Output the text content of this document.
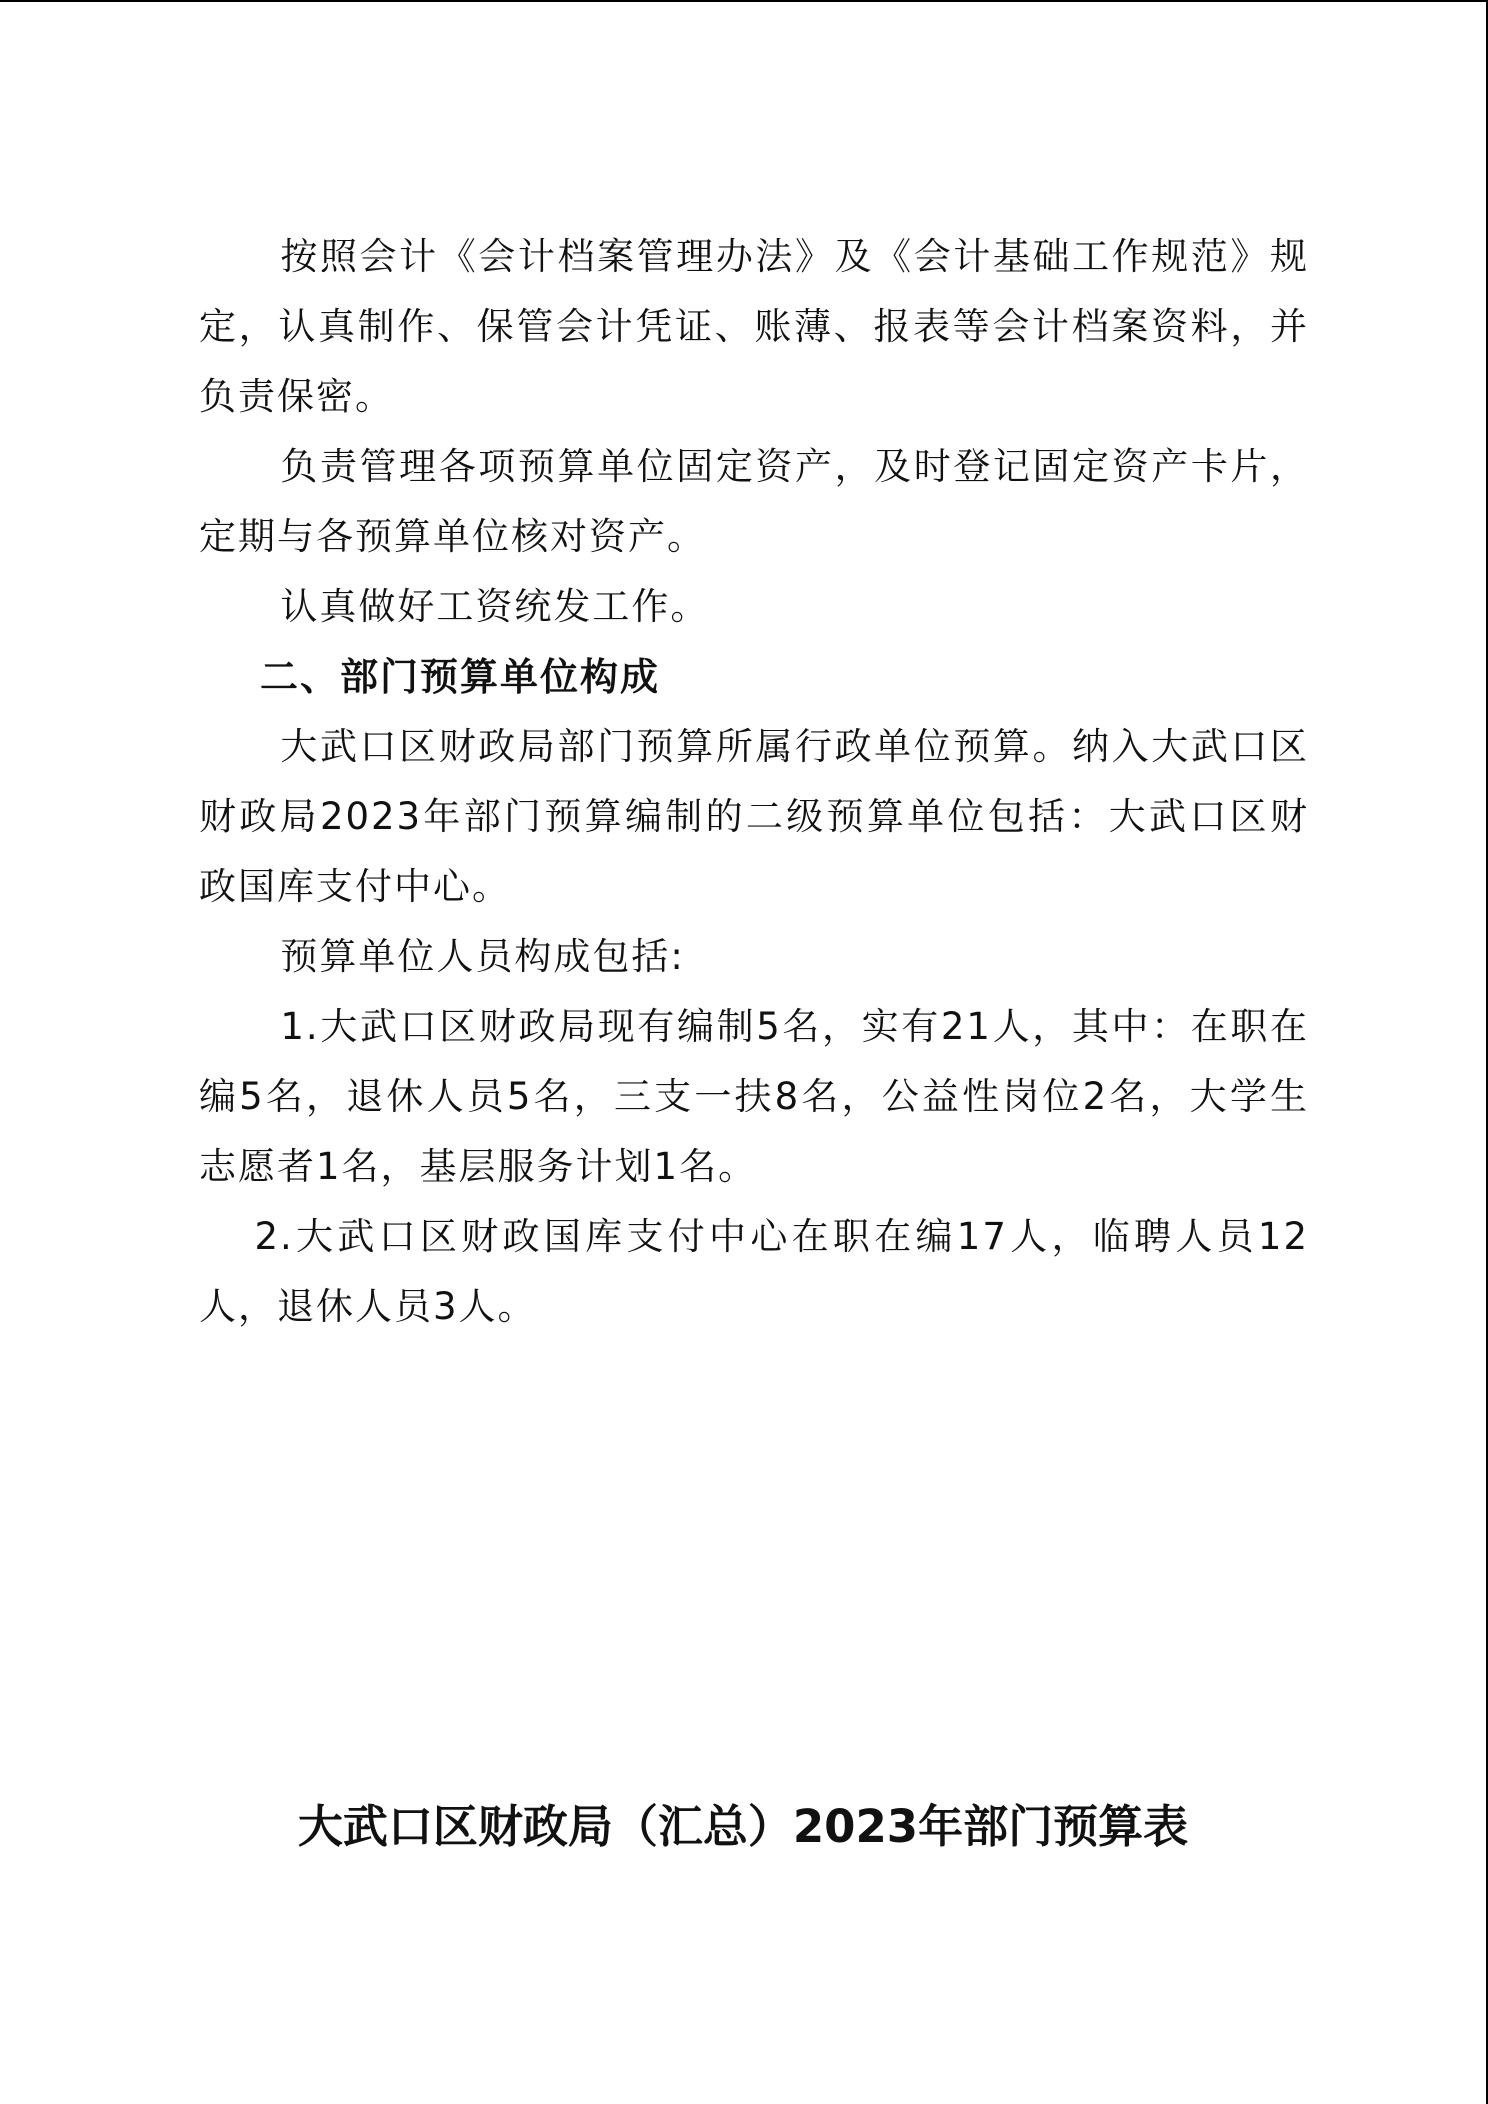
按照会计《会计档案管理办法》及《会计基础工作规范》规定，认真制作、保管会计凭证、账薄、报表等会计档案资料，并负责保密。

负责管理各项预算单位固定资产，及时登记固定资产卡片，定期与各预算单位核对资产。

认真做好工资统发工作。

二、部门预算单位构成

大武口区财政局部门预算所属行政单位预算。纳入大武口区财政局2023年部门预算编制的二级预算单位包括：大武口区财政国库支付中心。

预算单位人员构成包括:

1.大武口区财政局现有编制5名，实有21人，其中：在职在编5名，退休人员5名，三支一扶8名，公益性岗位2名，大学生志愿者1名，基层服务计划1名。

2.大武口区财政国库支付中心在职在编17人，临聘人员12人，退休人员3人。

大武口区财政局（汇总）2023年部门预算表
